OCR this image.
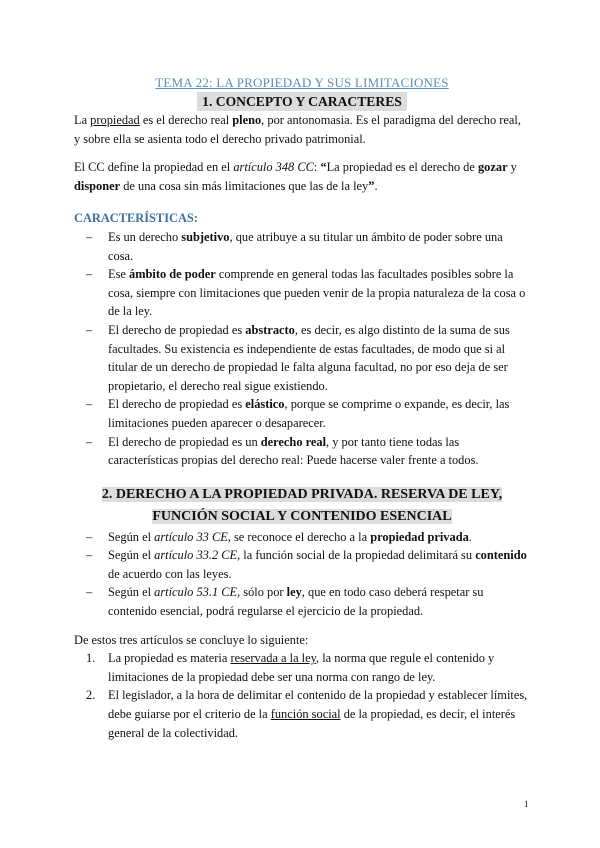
TEMA 22: LA PROPIEDAD Y SUS LIMITACIONES

1. CONCEPTO Y CARACTERES

La propiedad es el derecho real pleno, por antonomasia. Es el paradigma del derecho real, y sobre ella se asienta todo el derecho privado patrimonial.

El CC define la propiedad en el artículo 348 CC: “La propiedad es el derecho de gozar y disponer de una cosa sin más limitaciones que las de la ley”.

CARACTERÍSTICAS:

– Es un derecho subjetivo, que atribuye a su titular un ámbito de poder sobre una cosa.
– Ese ámbito de poder comprende en general todas las facultades posibles sobre la cosa, siempre con limitaciones que pueden venir de la propia naturaleza de la cosa o de la ley.
– El derecho de propiedad es abstracto, es decir, es algo distinto de la suma de sus facultades. Su existencia es independiente de estas facultades, de modo que si al titular de un derecho de propiedad le falta alguna facultad, no por eso deja de ser propietario, el derecho real sigue existiendo.
– El derecho de propiedad es elástico, porque se comprime o expande, es decir, las limitaciones pueden aparecer o desaparecer.
– El derecho de propiedad es un derecho real, y por tanto tiene todas las características propias del derecho real: Puede hacerse valer frente a todos.
2. DERECHO A LA PROPIEDAD PRIVADA. RESERVA DE LEY,
FUNCIÓN SOCIAL Y CONTENIDO ESENCIAL
– Según el artículo 33 CE, se reconoce el derecho a la propiedad privada.
– Según el artículo 33.2 CE, la función social de la propiedad delimitará su contenido de acuerdo con las leyes.
– Según el artículo 53.1 CE, sólo por ley, que en todo caso deberá respetar su contenido esencial, podrá regularse el ejercicio de la propiedad.

De estos tres artículos se concluye lo siguiente:

1. La propiedad es materia reservada a la ley, la norma que regule el contenido y limitaciones de la propiedad debe ser una norma con rango de ley.
2. El legislador, a la hora de delimitar el contenido de la propiedad y establecer límites, debe guiarse por el criterio de la función social de la propiedad, es decir, el interés general de la colectividad.
1
